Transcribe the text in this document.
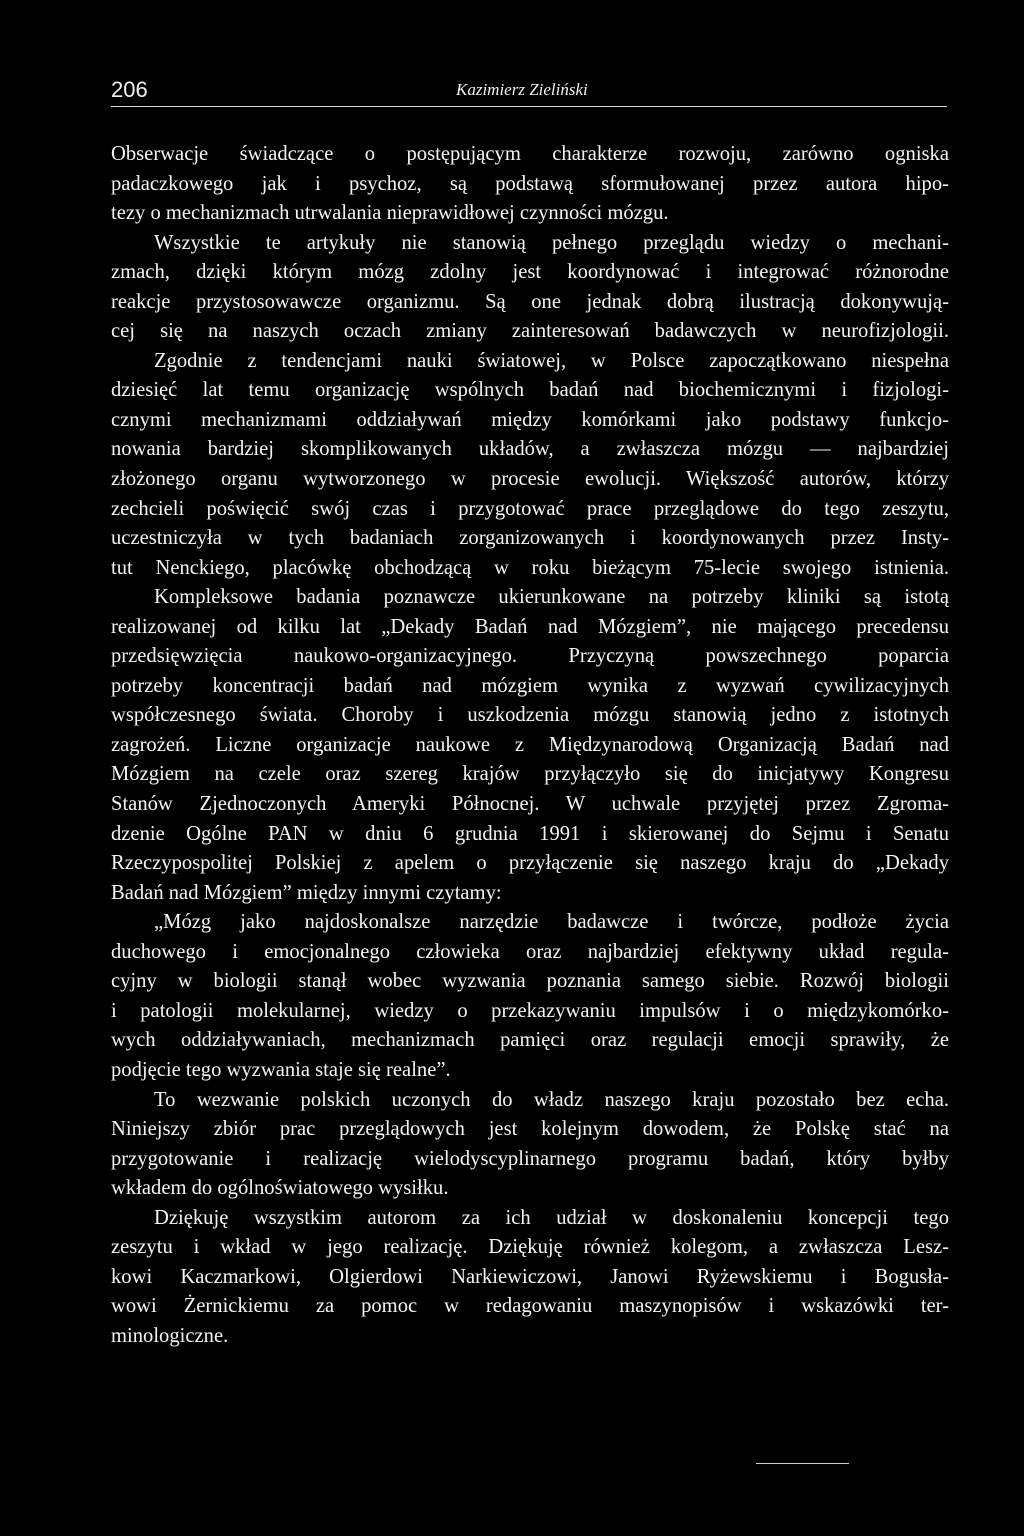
206	Kazimierz Zieliński
Obserwacje świadczące o postępującym charakterze rozwoju, zarówno ogniska
padaczkowego jak i psychoz, są podstawą sformułowanej przez autora hipo-
tezy o mechanizmach utrwalania nieprawidłowej czynności mózgu.
Wszystkie te artykuły nie stanowią pełnego przeglądu wiedzy o mechani-
zmach, dzięki którym mózg zdolny jest koordynować i integrować różnorodne
reakcje przystosowawcze organizmu. Są one jednak dobrą ilustracją dokonywują-
cej się na naszych oczach zmiany zainteresowań badawczych w neurofizjologii.
Zgodnie z tendencjami nauki światowej, w Polsce zapoczątkowano niespełna
dziesięć lat temu organizację wspólnych badań nad biochemicznymi i fizjologi-
cznymi mechanizmami oddziaływań między komórkami jako podstawy funkcjo-
nowania bardziej skomplikowanych układów, a zwłaszcza mózgu — najbardziej
złożonego organu wytworzonego w procesie ewolucji. Większość autorów, którzy
zechcieli poświęcić swój czas i przygotować prace przeglądowe do tego zeszytu,
uczestniczyła w tych badaniach zorganizowanych i koordynowanych przez Insty-
tut Nenckiego, placówkę obchodzącą w roku bieżącym 75-lecie swojego istnienia.
Kompleksowe badania poznawcze ukierunkowane na potrzeby kliniki są istotą
realizowanej od kilku lat „Dekady Badań nad Mózgiem”, nie mającego precedensu
przedsięwzięcia naukowo-organizacyjnego. Przyczyną powszechnego poparcia
potrzeby koncentracji badań nad mózgiem wynika z wyzwań cywilizacyjnych
współczesnego świata. Choroby i uszkodzenia mózgu stanowią jedno z istotnych
zagrożeń. Liczne organizacje naukowe z Międzynarodową Organizacją Badań nad
Mózgiem na czele oraz szereg krajów przyłączyło się do inicjatywy Kongresu
Stanów Zjednoczonych Ameryki Północnej. W uchwale przyjętej przez Zgroma-
dzenie Ogólne PAN w dniu 6 grudnia 1991 i skierowanej do Sejmu i Senatu
Rzeczypospolitej Polskiej z apelem o przyłączenie się naszego kraju do „Dekady
Badań nad Mózgiem” między innymi czytamy:
„Mózg jako najdoskonalsze narzędzie badawcze i twórcze, podłoże życia
duchowego i emocjonalnego człowieka oraz najbardziej efektywny układ regula-
cyjny w biologii stanął wobec wyzwania poznania samego siebie. Rozwój biologii
i patologii molekularnej, wiedzy o przekazywaniu impulsów i o międzykomórko-
wych oddziaływaniach, mechanizmach pamięci oraz regulacji emocji sprawiły, że
podjęcie tego wyzwania staje się realne”.
To wezwanie polskich uczonych do władz naszego kraju pozostało bez echa.
Niniejszy zbiór prac przeglądowych jest kolejnym dowodem, że Polskę stać na
przygotowanie i realizację wielodyscyplinarnego programu badań, który byłby
wkładem do ogólnoświatowego wysiłku.
Dziękuję wszystkim autorom za ich udział w doskonaleniu koncepcji tego
zeszytu i wkład w jego realizację. Dziękuję również kolegom, a zwłaszcza Lesz-
kowi Kaczmarkowi, Olgierdowi Narkiewiczowi, Janowi Ryżewskiemu i Bogusła-
wowi Żernickiemu za pomoc w redagowaniu maszynopisów i wskazówki ter-
minologiczne.
